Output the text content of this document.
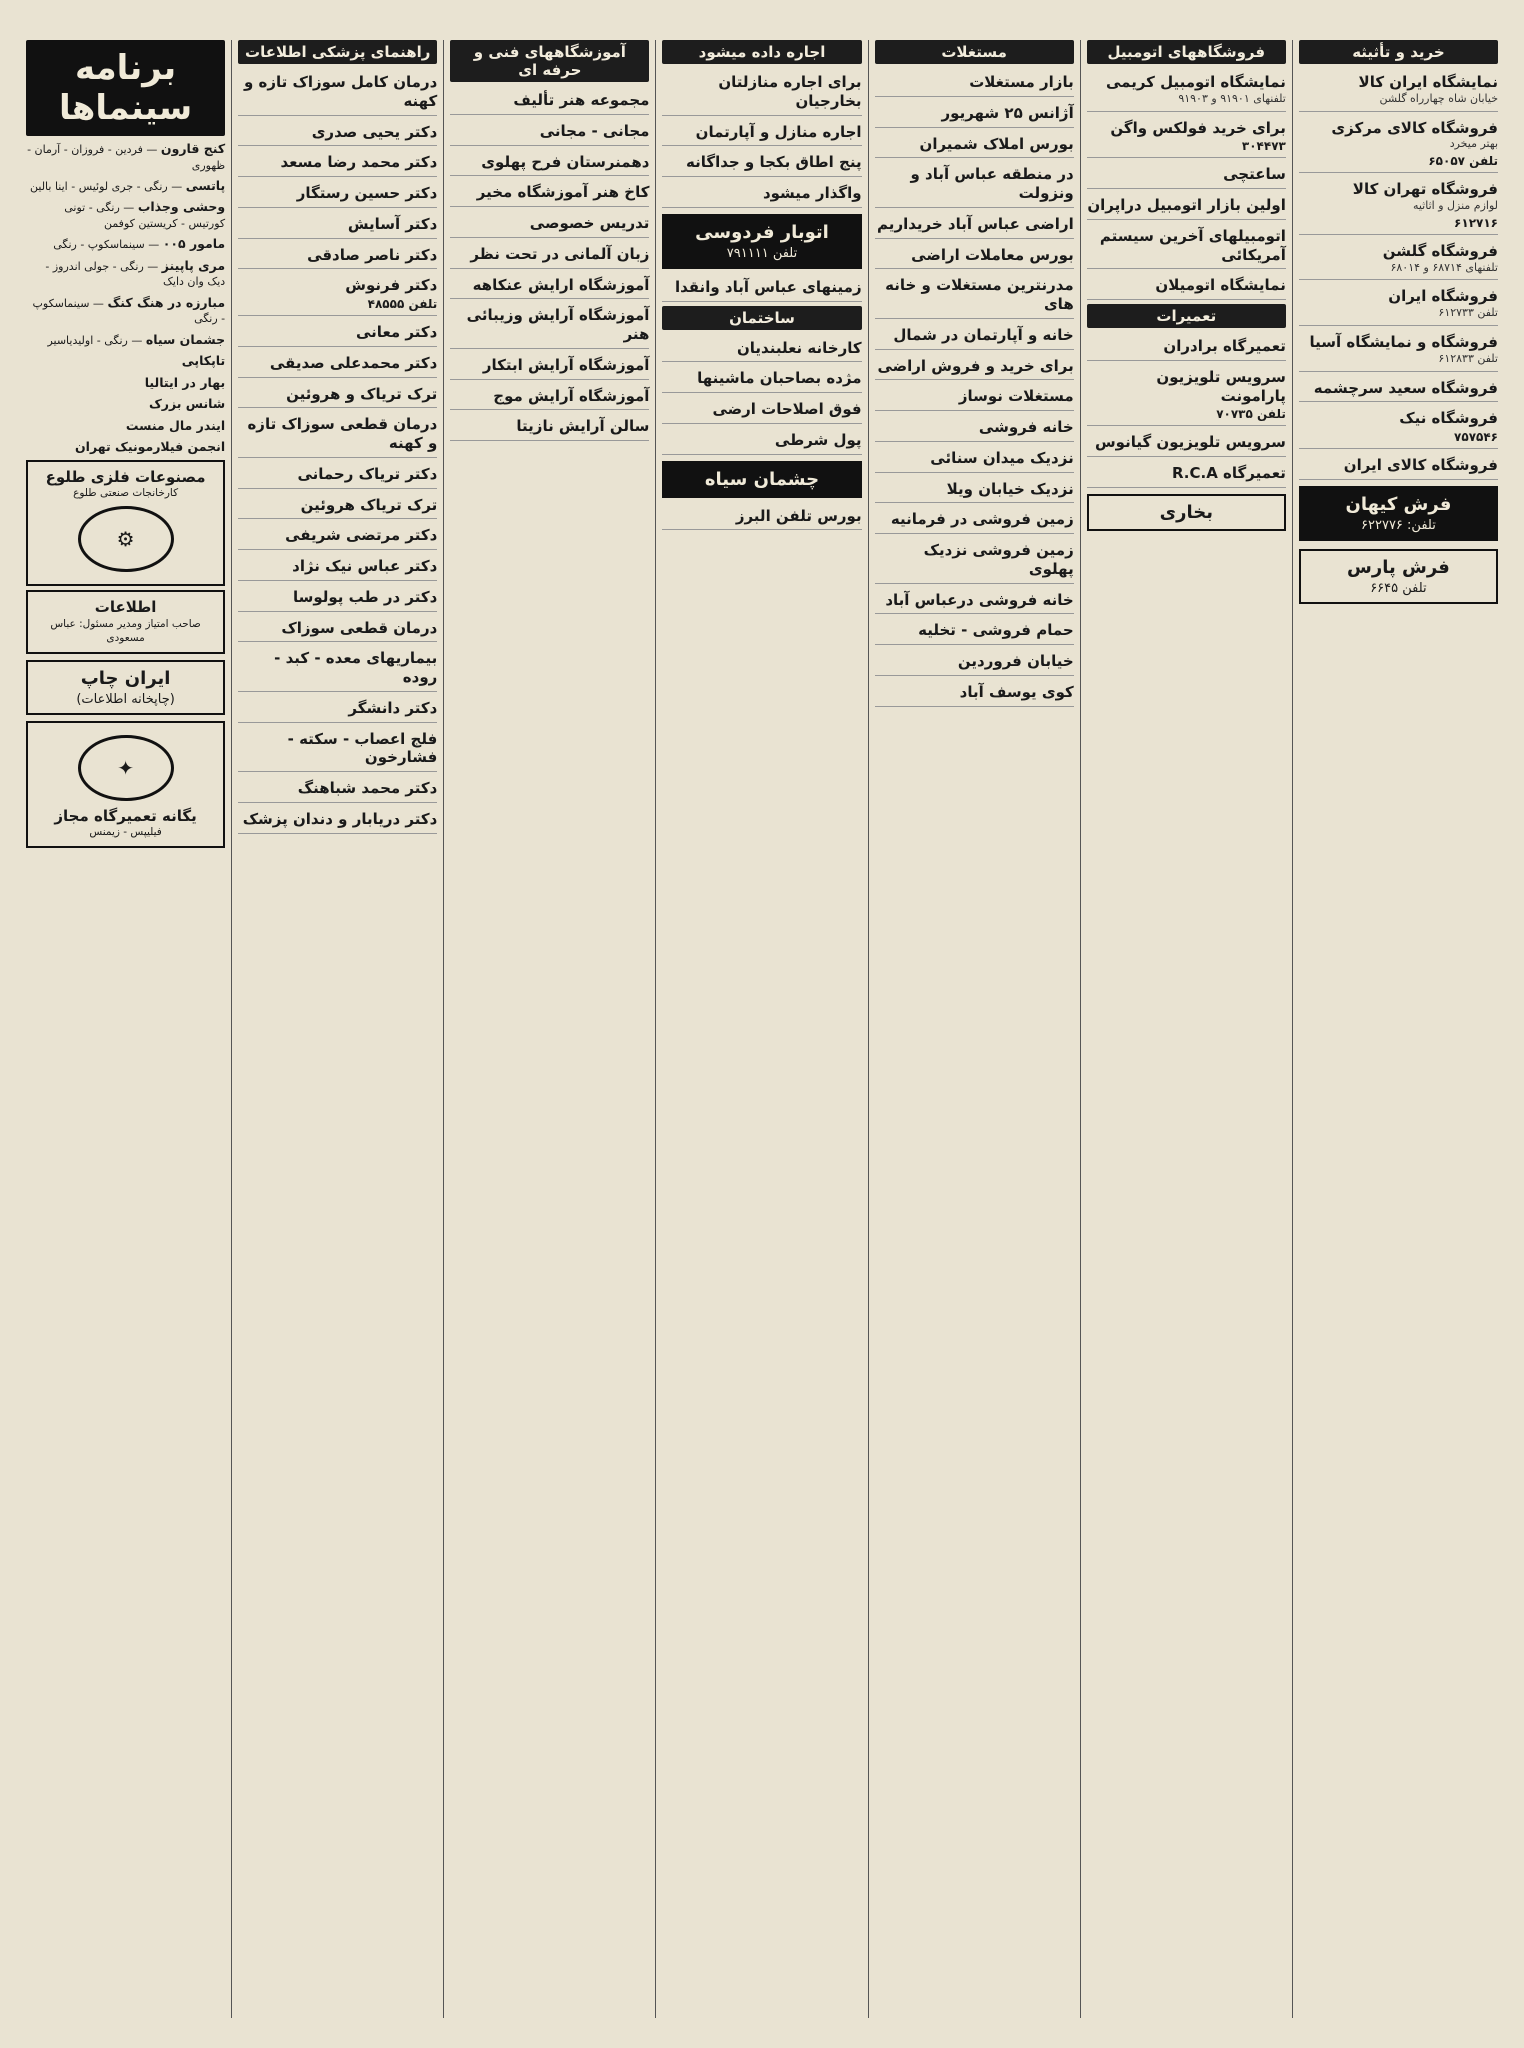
خرید و تأثیثه
نمایشگاه ایران کالا
خیابان شاه چهارراه گلشن
فروشگاه کالای مرکزی
بهتر میخرد
تلفن ۶۵۰۵۷
فروشگاه تهران کالا
لوازم منزل و اثاثیه
۶۱۲۷۱۶
فروشگاه گلشن
تلفنهای ۶۸۷۱۴ و ۶۸۰۱۴
فروشگاه ایران
تلفن ۶۱۲۷۳۳
فروشگاه و نمایشگاه آسیا
تلفن ۶۱۲۸۳۳
فروشگاه سعید سرچشمه
فروشگاه نیک
۷۵۷۵۴۶
فروشگاه کالای ایران
فرش کیهان
تلفن: ۶۲۲۷۷۶
فرش پارس
تلفن ۶۶۴۵
فروشگاههای اتومبیل
نمایشگاه اتومبیل کریمی
تلفنهای ۹۱۹۰۱ و ۹۱۹۰۳
برای خرید فولکس واگن
۳۰۴۴۷۳
ساعتچی
اولین بازار اتومبیل دراپران
اتومبیلهای آخرین سیستم آمریکائی
نمایشگاه اتومیلان
تعمیرات
تعمیرگاه برادران
سرویس تلویزیون پارامونت
تلفن ۷۰۷۳۵
سرویس تلویزیون گیانوس
تعمیرگاه R.C.A
بخاری
مستغلات
بازار مستغلات
آژانس ۲۵ شهریور
بورس املاک شمیران
در منطقه عباس آباد و ونزولت
اراضی عباس آباد خریداریم
بورس معاملات اراضی
مدرنترین مستغلات و خانه های
خانه و آپارتمان در شمال
برای خرید و فروش اراضی
مستغلات نوساز
خانه فروشی
نزدیک میدان سنائی
نزدیک خیابان ویلا
زمین فروشی در فرمانیه
زمین فروشی نزدیک پهلوی
خانه فروشی درعباس آباد
حمام فروشی - تخلیه
خیابان فروردین
کوی یوسف آباد
اجاره داده میشود
برای اجاره منازلتان بخارجیان
اجاره منازل و آپارتمان
پنج اطاق بکجا و جداگانه
واگذار میشود
اتوبار فردوسی
تلفن ۷۹۱۱۱۱
زمینهای عباس آباد وانقدا
ساختمان
کارخانه نعلبندیان
مژده بصاحبان ماشینها
فوق اصلاحات ارضی
پول شرطی
چشمان سیاه
بورس تلفن البرز
آموزشگاههای فنی و حرفه ای
مجموعه هنر تألیف
مجانی - مجانی
دهمنرستان فرح پهلوی
کاخ هنر آموزشگاه مخیر
تدریس خصوصی
زبان آلمانی در تحت نظر
آموزشگاه ارایش عنکاهه
آموزشگاه آرایش وزیبائی هنر
آموزشگاه آرایش ابتکار
آموزشگاه آرایش موج
سالن آرایش نازیتا
راهنمای پزشکی اطلاعات
درمان کامل سوزاک تازه و کهنه
دکتر یحیی صدری
دکتر محمد رضا مسعد
دکتر حسین رستگار
دکتر آسایش
دکتر ناصر صادقی
دکتر فرنوش
تلفن ۴۸۵۵۵
دکتر معانی
دکتر محمدعلی صدیقی
ترک تریاک و هروئین
درمان قطعی سوزاک تازه و کهنه
دکتر تریاک رحمانی
ترک تریاک هروئین
دکتر مرتضی شریفی
دکتر عباس نیک نژاد
دکتر در طب پولوسا
درمان قطعی سوزاک
بیماریهای معده - کبد - روده
دکتر دانشگر
فلج اعصاب - سکته - فشارخون
دکتر محمد شباهنگ
دکتر دریابار و دندان پزشک
برنامه سینماها
کنج قارون — فردین - فروزان - آرمان - ظهوری
پاتسی — رنگی - جری لوئیس - اینا بالین
وحشی وجذاب — رنگی - تونی کورتیس - کریستین کوفمن
مامور ۰۰۵ — سینماسکوپ - رنگی
مری پاپینز — رنگی - جولی اندروز - دیک وان دایک
مبارزه در هنگ کنگ — سینماسکوپ - رنگی
جشمان سیاه — رنگی - اولیدیاسیر
تاپکاپی
بهار در ایتالیا
شانس بزرک
ایندر مال منست
انجمن فیلارمونیک تهران
مصنوعات فلزی طلوع
کارخانجات صنعتی طلوع
⚙
اطلاعات
صاحب امتیاز ومدیر مسئول: عباس مسعودی
ایران چاپ
(چاپخانه اطلاعات)
✦
یگانه تعمیرگاه مجاز
فیلیپس - زیمنس
